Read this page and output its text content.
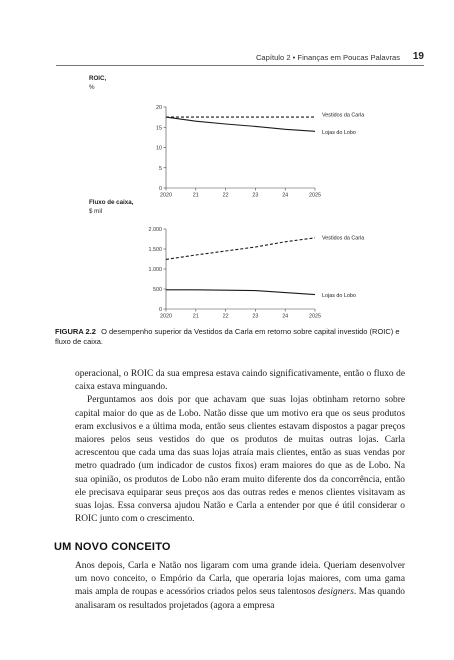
Capítulo 2 • Finanças em Poucas Palavras 19
ROIC,
%
0
5
10
15
20
2020	21	22	23	24	2025
Vestidos da Carla
Lojas do Lobo
Fluxo de caixa,
$ mil
0
500
1.000
1.500
2.000
2020	21	22	23	24	2025
Vestidos da Carla
Lojas do Lobo
FIGURA 2.2 O desempenho superior da Vestidos da Carla em retorno sobre capital investido (ROIC) e fluxo de caixa.

operacional, o ROIC da sua empresa estava caindo significativamente, então o fluxo de caixa estava minguando.

Perguntamos aos dois por que achavam que suas lojas obtinham retorno sobre capital maior do que as de Lobo. Natão disse que um motivo era que os seus produtos eram exclusivos e a última moda, então seus clientes estavam dispostos a pagar preços maiores pelos seus vestidos do que os produtos de muitas outras lojas. Carla acrescentou que cada uma das suas lojas atraía mais clientes, então as suas vendas por metro quadrado (um indicador de custos fixos) eram maiores do que as de Lobo. Na sua opinião, os produtos de Lobo não eram muito diferente dos da concorrência, então ele precisava equiparar seus preços aos das outras redes e menos clientes visitavam as suas lojas. Essa conversa ajudou Natão e Carla a entender por que é útil considerar o ROIC junto com o crescimento.

UM NOVO CONCEITO

Anos depois, Carla e Natão nos ligaram com uma grande ideia. Queriam desenvolver um novo conceito, o Empório da Carla, que operaria lojas maiores, com uma gama mais ampla de roupas e acessórios criados pelos seus talentosos designers. Mas quando analisaram os resultados projetados (agora a empresa
